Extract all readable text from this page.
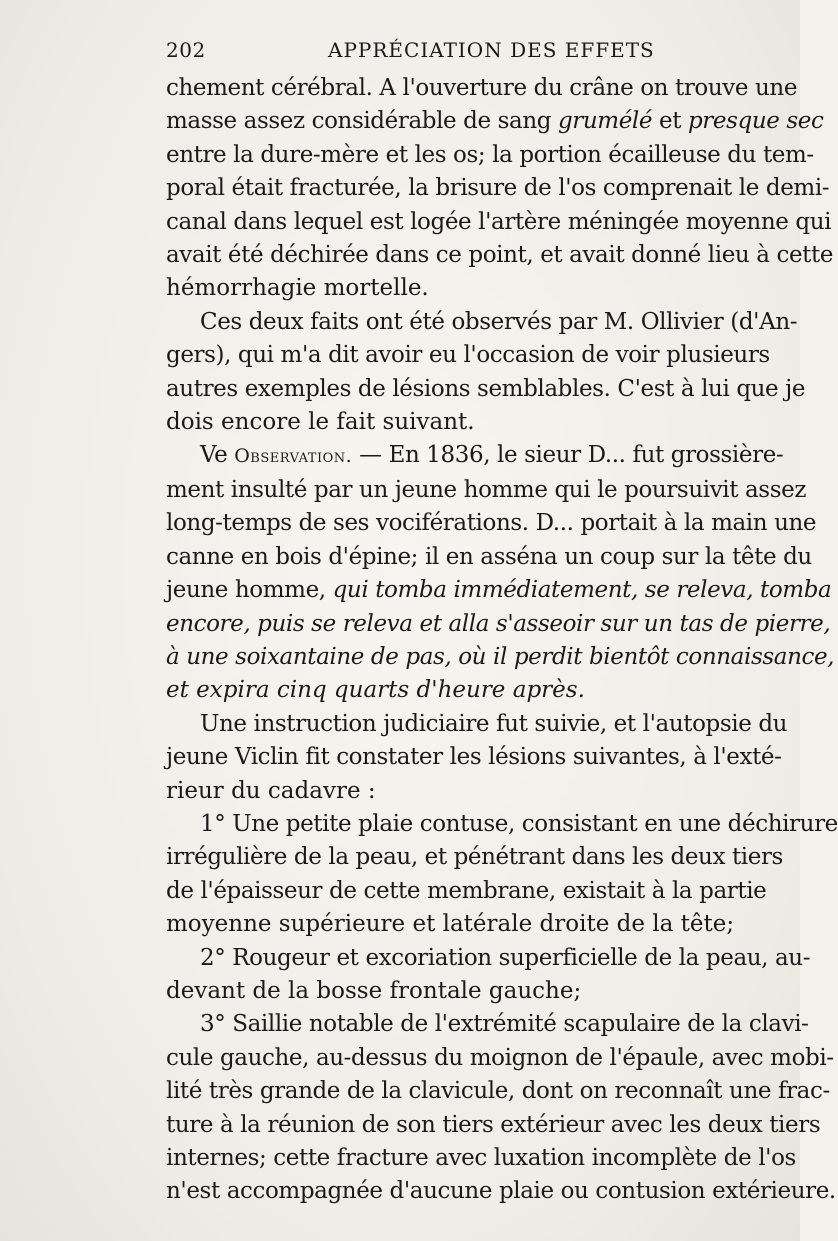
202	APPRÉCIATION DES EFFETS
chement cérébral. A l'ouverture du crâne on trouve une
masse assez considérable de sang grumélé et presque sec
entre la dure-mère et les os; la portion écailleuse du tem-
poral était fracturée, la brisure de l'os comprenait le demi-
canal dans lequel est logée l'artère méningée moyenne qui
avait été déchirée dans ce point, et avait donné lieu à cette
hémorrhagie mortelle.
Ces deux faits ont été observés par M. Ollivier (d'An-
gers), qui m'a dit avoir eu l'occasion de voir plusieurs
autres exemples de lésions semblables. C'est à lui que je
dois encore le fait suivant.
Ve Observation. — En 1836, le sieur D... fut grossière-
ment insulté par un jeune homme qui le poursuivit assez
long-temps de ses vociférations. D... portait à la main une
canne en bois d'épine; il en asséna un coup sur la tête du
jeune homme, qui tomba immédiatement, se releva, tomba
encore, puis se releva et alla s'asseoir sur un tas de pierre,
à une soixantaine de pas, où il perdit bientôt connaissance,
et expira cinq quarts d'heure après.
Une instruction judiciaire fut suivie, et l'autopsie du
jeune Viclin fit constater les lésions suivantes, à l'exté-
rieur du cadavre :
1° Une petite plaie contuse, consistant en une déchirure
irrégulière de la peau, et pénétrant dans les deux tiers
de l'épaisseur de cette membrane, existait à la partie
moyenne supérieure et latérale droite de la tête;
2° Rougeur et excoriation superficielle de la peau, au-
devant de la bosse frontale gauche;
3° Saillie notable de l'extrémité scapulaire de la clavi-
cule gauche, au-dessus du moignon de l'épaule, avec mobi-
lité très grande de la clavicule, dont on reconnaît une frac-
ture à la réunion de son tiers extérieur avec les deux tiers
internes; cette fracture avec luxation incomplète de l'os
n'est accompagnée d'aucune plaie ou contusion extérieure.
